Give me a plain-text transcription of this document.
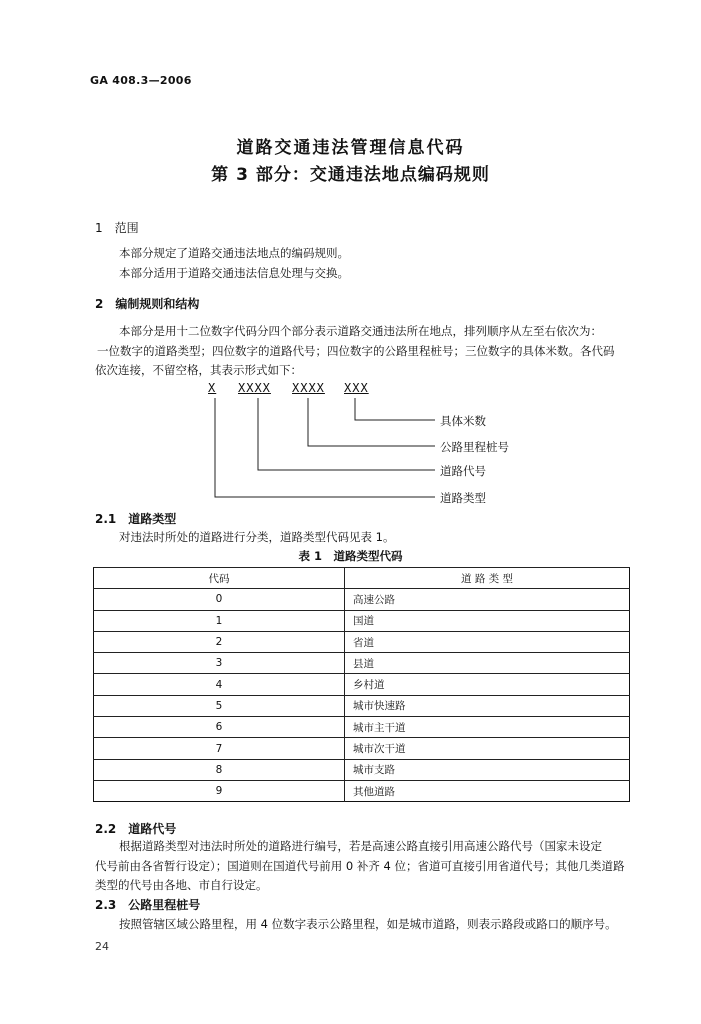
GA 408.3—2006
道路交通违法管理信息代码
第 3 部分：交通违法地点编码规则
1　范围
本部分规定了道路交通违法地点的编码规则。
本部分适用于道路交通违法信息处理与交换。
2　编制规则和结构
本部分是用十二位数字代码分四个部分表示道路交通违法所在地点，排列顺序从左至右依次为：
一位数字的道路类型；四位数字的道路代号；四位数字的公路里程桩号；三位数字的具体米数。各代码
依次连接，不留空格，其表示形式如下：
X XXXX XXXX XXX
具体米数
公路里程桩号
道路代号
道路类型
2.1　道路类型
对违法时所处的道路进行分类，道路类型代码见表 1。
表 1　道路类型代码
代码	道 路 类 型
0	高速公路
1	国道
2	省道
3	县道
4	乡村道
5	城市快速路
6	城市主干道
7	城市次干道
8	城市支路
9	其他道路
2.2　道路代号
根据道路类型对违法时所处的道路进行编号，若是高速公路直接引用高速公路代号（国家未设定
代号前由各省暂行设定）；国道则在国道代号前用 0 补齐 4 位；省道可直接引用省道代号；其他几类道路
类型的代号由各地、市自行设定。
2.3　公路里程桩号
按照管辖区域公路里程，用 4 位数字表示公路里程，如是城市道路，则表示路段或路口的顺序号。
24
